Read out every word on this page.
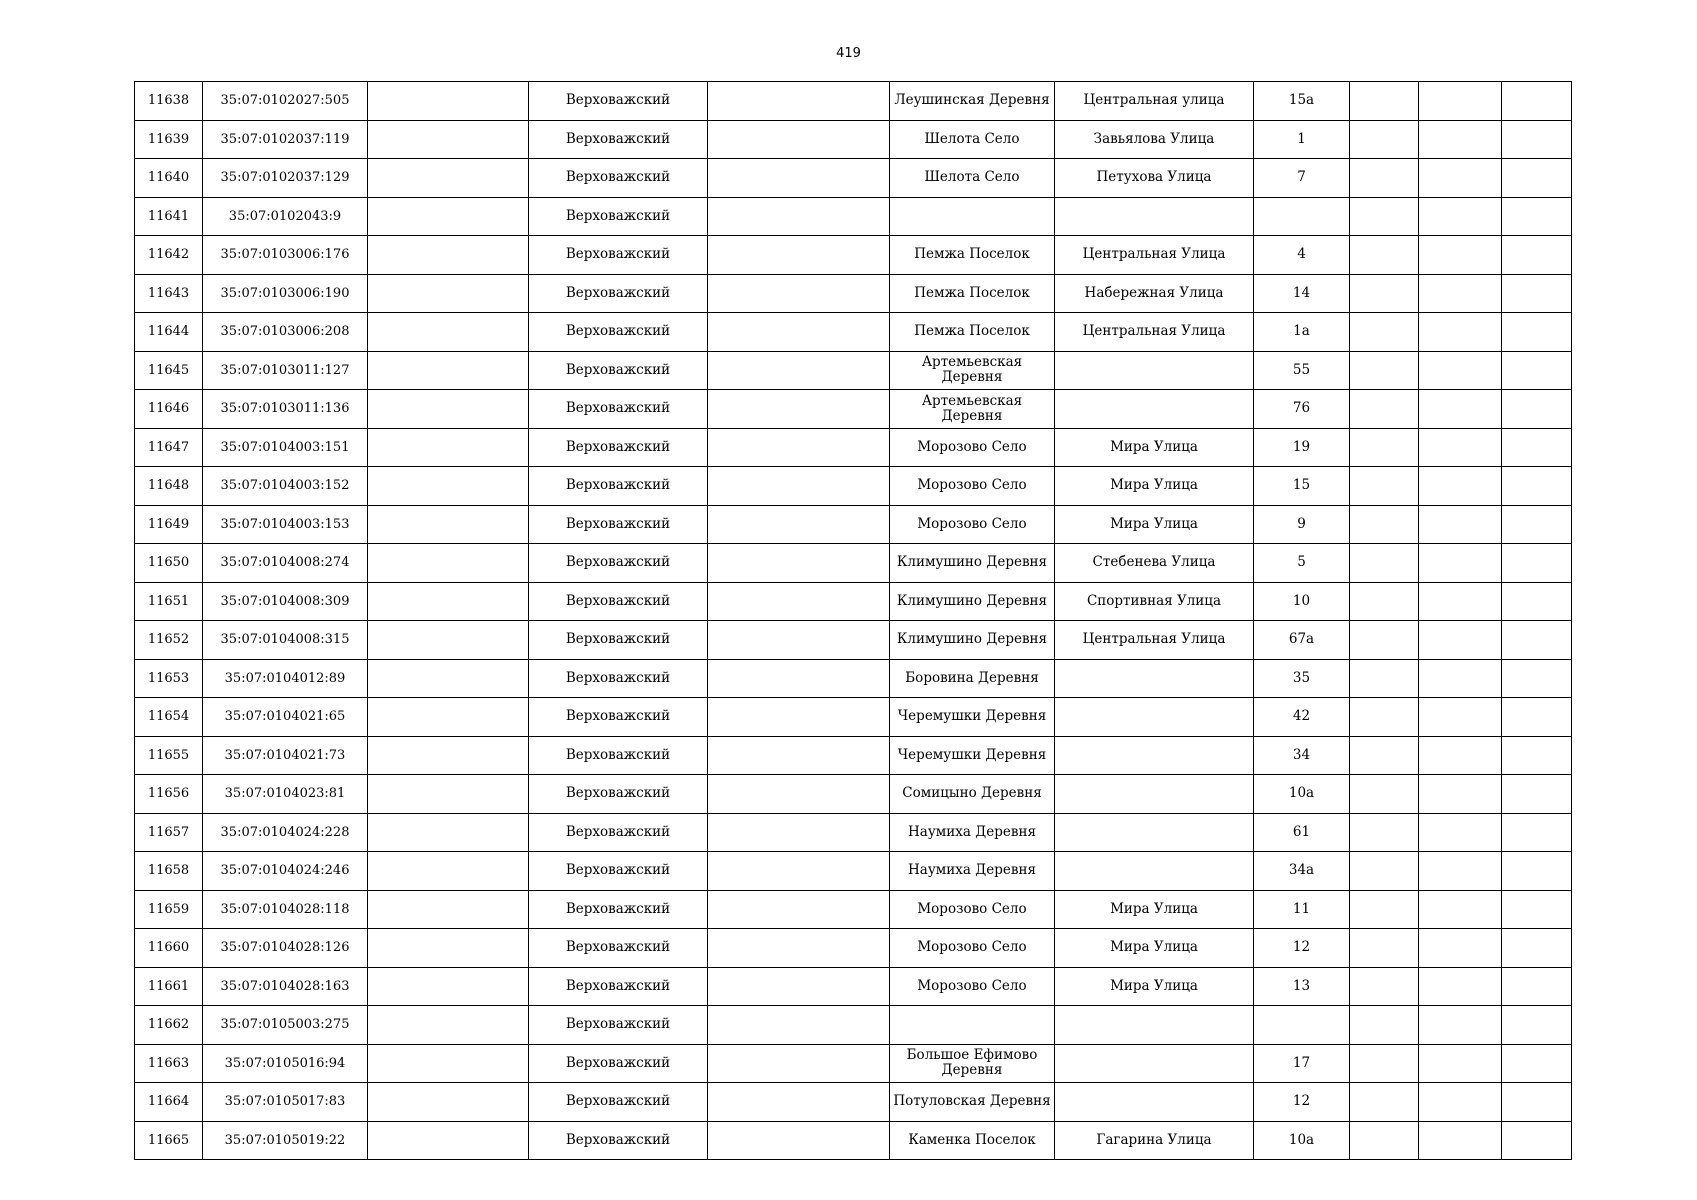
419
11638	35:07:0102027:505		Верховажский		Леушинская Деревня	Центральная улица	15а			
11639	35:07:0102037:119		Верховажский		Шелота Село	Завьялова Улица	1			
11640	35:07:0102037:129		Верховажский		Шелота Село	Петухова Улица	7			
11641	35:07:0102043:9		Верховажский							
11642	35:07:0103006:176		Верховажский		Пемжа Поселок	Центральная Улица	4			
11643	35:07:0103006:190		Верховажский		Пемжа Поселок	Набережная Улица	14			
11644	35:07:0103006:208		Верховажский		Пемжа Поселок	Центральная Улица	1а			
11645	35:07:0103011:127		Верховажский		Артемьевская Деревня		55			
11646	35:07:0103011:136		Верховажский		Артемьевская Деревня		76			
11647	35:07:0104003:151		Верховажский		Морозово Село	Мира Улица	19			
11648	35:07:0104003:152		Верховажский		Морозово Село	Мира Улица	15			
11649	35:07:0104003:153		Верховажский		Морозово Село	Мира Улица	9			
11650	35:07:0104008:274		Верховажский		Климушино Деревня	Стебенева Улица	5			
11651	35:07:0104008:309		Верховажский		Климушино Деревня	Спортивная Улица	10			
11652	35:07:0104008:315		Верховажский		Климушино Деревня	Центральная Улица	67а			
11653	35:07:0104012:89		Верховажский		Боровина Деревня		35			
11654	35:07:0104021:65		Верховажский		Черемушки Деревня		42			
11655	35:07:0104021:73		Верховажский		Черемушки Деревня		34			
11656	35:07:0104023:81		Верховажский		Сомицыно Деревня		10а			
11657	35:07:0104024:228		Верховажский		Наумиха Деревня		61			
11658	35:07:0104024:246		Верховажский		Наумиха Деревня		34а			
11659	35:07:0104028:118		Верховажский		Морозово Село	Мира Улица	11			
11660	35:07:0104028:126		Верховажский		Морозово Село	Мира Улица	12			
11661	35:07:0104028:163		Верховажский		Морозово Село	Мира Улица	13			
11662	35:07:0105003:275		Верховажский							
11663	35:07:0105016:94		Верховажский		Большое Ефимово Деревня		17			
11664	35:07:0105017:83		Верховажский		Потуловская Деревня		12			
11665	35:07:0105019:22		Верховажский		Каменка Поселок	Гагарина Улица	10а			
